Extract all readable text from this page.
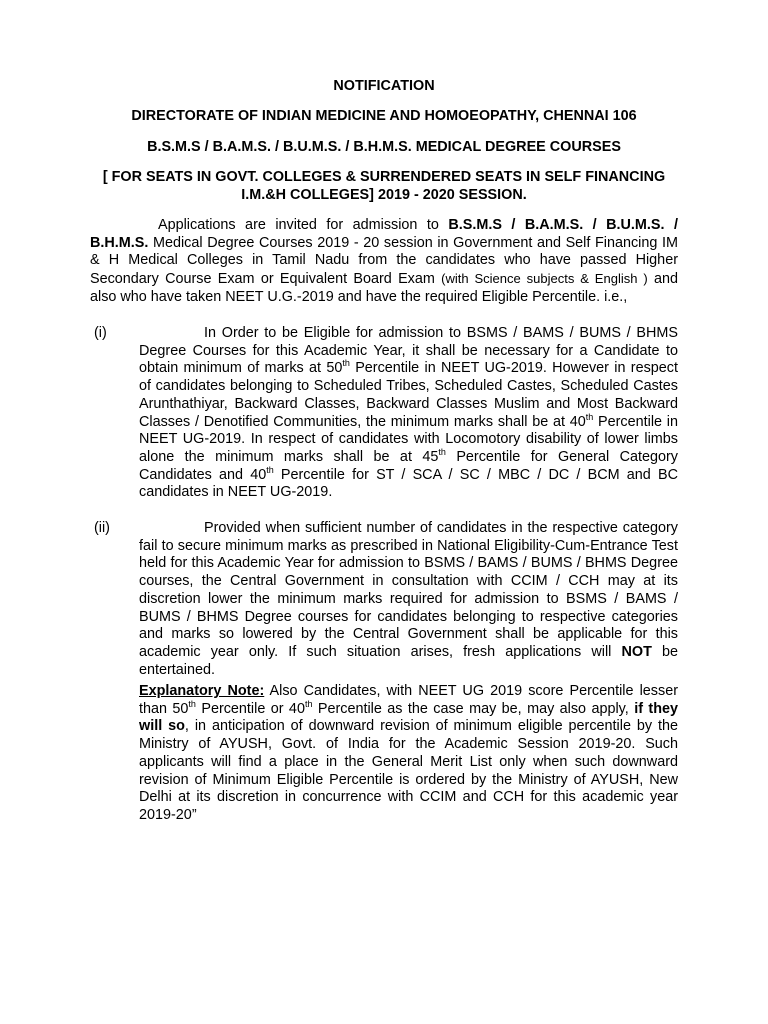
NOTIFICATION

DIRECTORATE OF INDIAN MEDICINE AND HOMOEOPATHY, CHENNAI 106

B.S.M.S / B.A.M.S. / B.U.M.S. / B.H.M.S. MEDICAL DEGREE COURSES

[ FOR SEATS IN GOVT. COLLEGES & SURRENDERED SEATS IN SELF FINANCING
I.M.&H COLLEGES] 2019 - 2020 SESSION.

Applications are invited for admission to B.S.M.S / B.A.M.S. / B.U.M.S. / B.H.M.S. Medical Degree Courses 2019 - 20 session in Government and Self Financing IM & H Medical Colleges in Tamil Nadu from the candidates who have passed Higher Secondary Course Exam or Equivalent Board Exam (with Science subjects & English ) and also who have taken NEET U.G.-2019 and have the required Eligible Percentile. i.e.,

(i)	In Order to be Eligible for admission to BSMS / BAMS / BUMS / BHMS Degree Courses for this Academic Year, it shall be necessary for a Candidate to obtain minimum of marks at 50th Percentile in NEET UG-2019. However in respect of candidates belonging to Scheduled Tribes, Scheduled Castes, Scheduled Castes Arunthathiyar, Backward Classes, Backward Classes Muslim and Most Backward Classes / Denotified Communities, the minimum marks shall be at 40th Percentile in NEET UG-2019. In respect of candidates with Locomotory disability of lower limbs alone the minimum marks shall be at 45th Percentile for General Category Candidates and 40th Percentile for ST / SCA / SC / MBC / DC / BCM and BC candidates in NEET UG-2019.

(ii)	Provided when sufficient number of candidates in the respective category fail to secure minimum marks as prescribed in National Eligibility-Cum-Entrance Test held for this Academic Year for admission to BSMS / BAMS / BUMS / BHMS Degree courses, the Central Government in consultation with CCIM / CCH may at its discretion lower the minimum marks required for admission to BSMS / BAMS / BUMS / BHMS Degree courses for candidates belonging to respective categories and marks so lowered by the Central Government shall be applicable for this academic year only. If such situation arises, fresh applications will NOT be entertained.

Explanatory Note: Also Candidates, with NEET UG 2019 score Percentile lesser than 50th Percentile or 40th Percentile as the case may be, may also apply, if they will so, in anticipation of downward revision of minimum eligible percentile by the Ministry of AYUSH, Govt. of India for the Academic Session 2019-20. Such applicants will find a place in the General Merit List only when such downward revision of Minimum Eligible Percentile is ordered by the Ministry of AYUSH, New Delhi at its discretion in concurrence with CCIM and CCH for this academic year 2019-20”
